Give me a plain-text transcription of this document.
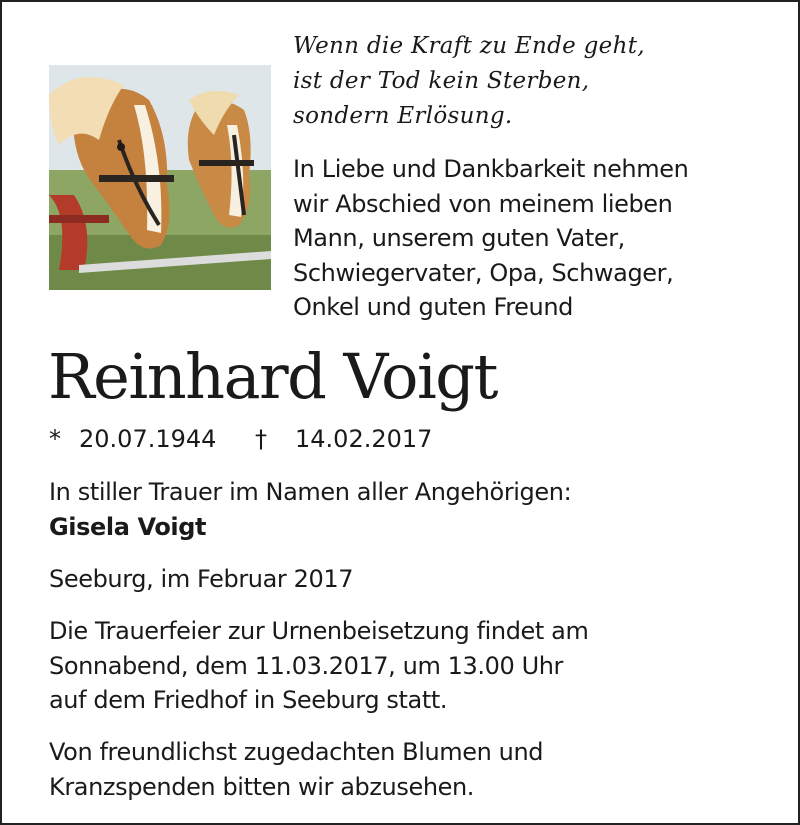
Wenn die Kraft zu Ende geht,
ist der Tod kein Sterben,
sondern Erlösung.
In Liebe und Dankbarkeit nehmen
wir Abschied von meinem lieben
Mann, unserem guten Vater,
Schwiegervater, Opa, Schwager,
Onkel und guten Freund
Reinhard Voigt
* 20.07.1944 † 14.02.2017
In stiller Trauer im Namen aller Angehörigen:
Gisela Voigt
Seeburg, im Februar 2017
Die Trauerfeier zur Urnenbeisetzung findet am
Sonnabend, dem 11.03.2017, um 13.00 Uhr
auf dem Friedhof in Seeburg statt.
Von freundlichst zugedachten Blumen und
Kranzspenden bitten wir abzusehen.
